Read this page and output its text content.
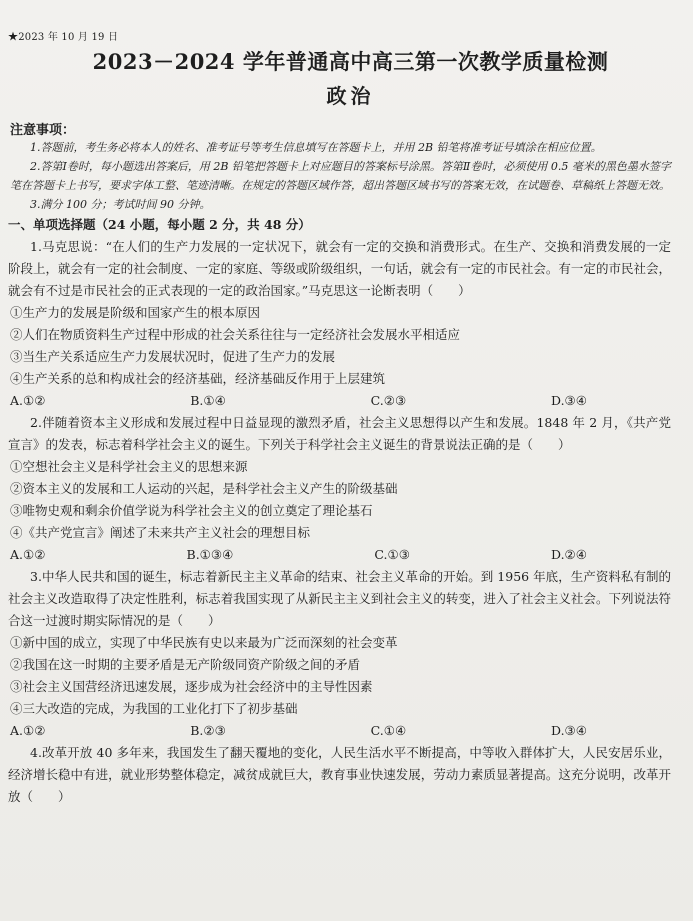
★2023 年 10 月 19 日
2023－2024 学年普通高中高三第一次教学质量检测
政治
注意事项：

1.答题前，考生务必将本人的姓名、准考证号等考生信息填写在答题卡上，并用 2B 铅笔将准考证号填涂在相应位置。

2.答第Ⅰ卷时，每小题选出答案后，用 2B 铅笔把答题卡上对应题目的答案标号涂黑。答第Ⅱ卷时，必须使用 0.5 毫米的黑色墨水签字笔在答题卡上书写，要求字体工整、笔迹清晰。在规定的答题区域作答，超出答题区域书写的答案无效，在试题卷、草稿纸上答题无效。

3.满分 100 分；考试时间 90 分钟。

一、单项选择题（24 小题，每小题 2 分，共 48 分）
1.马克思说：“在人们的生产力发展的一定状况下，就会有一定的交换和消费形式。在生产、交换和消费发展的一定阶段上，就会有一定的社会制度、一定的家庭、等级或阶级组织，一句话，就会有一定的市民社会。有一定的市民社会，就会有不过是市民社会的正式表现的一定的政治国家。”马克思这一论断表明（　　）
①生产力的发展是阶级和国家产生的根本原因
②人们在物质资料生产过程中形成的社会关系往往与一定经济社会发展水平相适应
③当生产关系适应生产力发展状况时，促进了生产力的发展
④生产关系的总和构成社会的经济基础，经济基础反作用于上层建筑
A.①②	B.①④	C.②③	D.③④
2.伴随着资本主义形成和发展过程中日益显现的激烈矛盾，社会主义思想得以产生和发展。1848 年 2 月，《共产党宣言》的发表，标志着科学社会主义的诞生。下列关于科学社会主义诞生的背景说法正确的是（　　）
①空想社会主义是科学社会主义的思想来源
②资本主义的发展和工人运动的兴起，是科学社会主义产生的阶级基础
③唯物史观和剩余价值学说为科学社会主义的创立奠定了理论基石
④《共产党宣言》阐述了未来共产主义社会的理想目标
A.①②	B.①③④	C.①③	D.②④
3.中华人民共和国的诞生，标志着新民主主义革命的结束、社会主义革命的开始。到 1956 年底，生产资料私有制的社会主义改造取得了决定性胜利，标志着我国实现了从新民主主义到社会主义的转变，进入了社会主义社会。下列说法符合这一过渡时期实际情况的是（　　）
①新中国的成立，实现了中华民族有史以来最为广泛而深刻的社会变革
②我国在这一时期的主要矛盾是无产阶级同资产阶级之间的矛盾
③社会主义国营经济迅速发展，逐步成为社会经济中的主导性因素
④三大改造的完成，为我国的工业化打下了初步基础
A.①②	B.②③	C.①④	D.③④
4.改革开放 40 多年来，我国发生了翻天覆地的变化，人民生活水平不断提高，中等收入群体扩大，人民安居乐业，经济增长稳中有进，就业形势整体稳定，减贫成就巨大，教育事业快速发展，劳动力素质显著提高。这充分说明，改革开放（　　）
